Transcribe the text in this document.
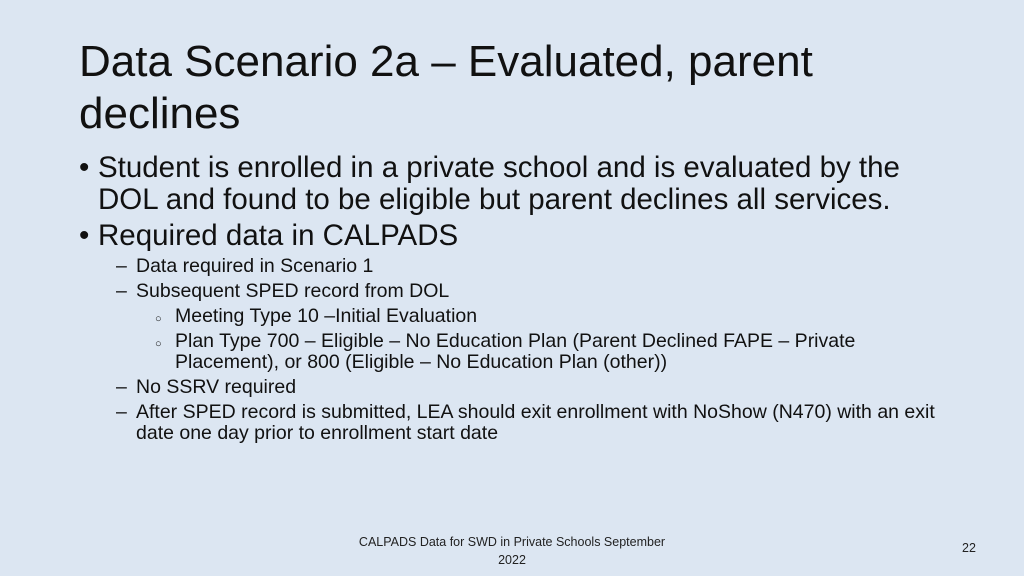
Data Scenario 2a – Evaluated, parent declines
• Student is enrolled in a private school and is evaluated by the DOL and found to be eligible but parent declines all services.
• Required data in CALPADS
– Data required in Scenario 1
– Subsequent SPED record from DOL
○ Meeting Type 10 –Initial Evaluation
○ Plan Type 700 – Eligible – No Education Plan (Parent Declined FAPE – Private Placement), or 800 (Eligible – No Education Plan (other))
– No SSRV required
– After SPED record is submitted, LEA should exit enrollment with NoShow (N470) with an exit date one day prior to enrollment start date
CALPADS Data for SWD in Private Schools September 2022
22
